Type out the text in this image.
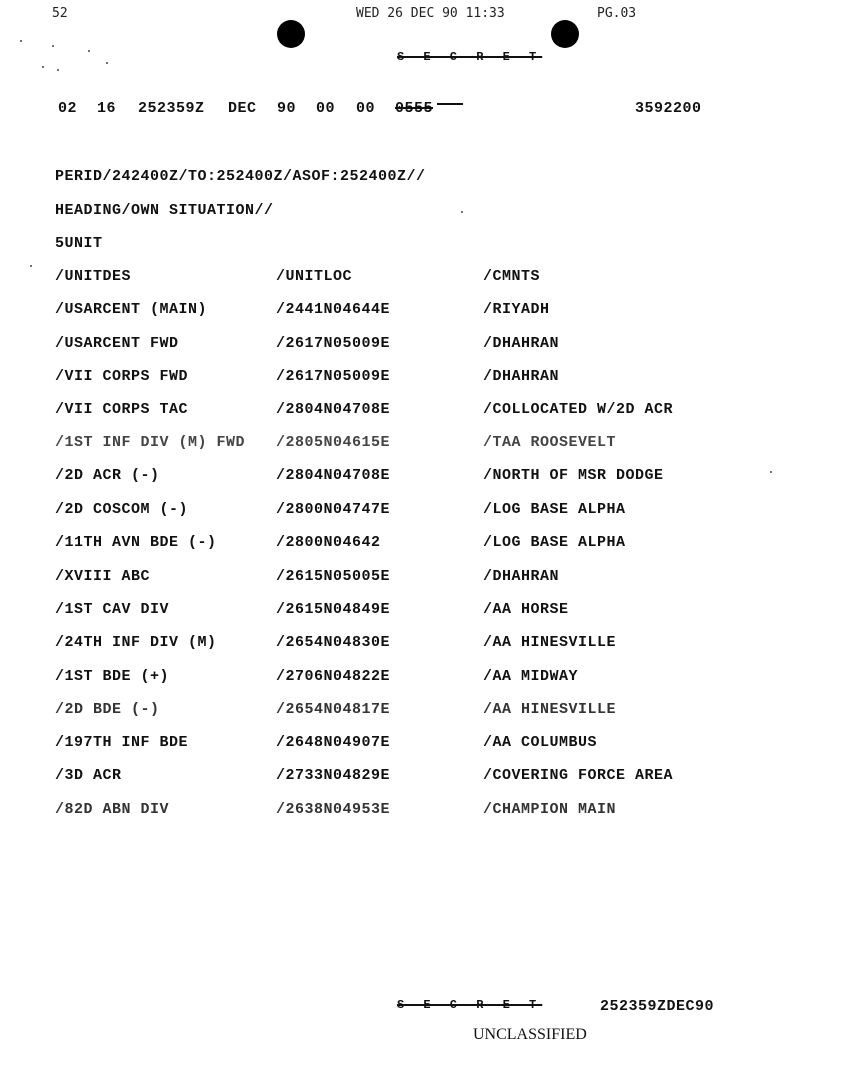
52	WED 26 DEC 90 11:33	PG.03
S E C R E T
02 16 252359Z DEC 90 00 00 0555	3592200
PERID/242400Z/TO:252400Z/ASOF:252400Z//
HEADING/OWN SITUATION//
5UNIT
/UNITDES	/UNITLOC	/CMNTS
/USARCENT (MAIN)	/2441N04644E	/RIYADH
/USARCENT FWD	/2617N05009E	/DHAHRAN
/VII CORPS FWD	/2617N05009E	/DHAHRAN
/VII CORPS TAC	/2804N04708E	/COLLOCATED W/2D ACR
/1ST INF DIV (M) FWD /2805N04615E	/TAA ROOSEVELT
/2D ACR (-)	/2804N04708E	/NORTH OF MSR DODGE
/2D COSCOM (-)	/2800N04747E	/LOG BASE ALPHA
/11TH AVN BDE (-)	/2800N04642	/LOG BASE ALPHA
/XVIII ABC	/2615N05005E	/DHAHRAN
/1ST CAV DIV	/2615N04849E	/AA HORSE
/24TH INF DIV (M)	/2654N04830E	/AA HINESVILLE
/1ST BDE (+)	/2706N04822E	/AA MIDWAY
/2D BDE (-)	/2654N04817E	/AA HINESVILLE
/197TH INF BDE	/2648N04907E	/AA COLUMBUS
/3D ACR	/2733N04829E	/COVERING FORCE AREA
/82D ABN DIV	/2638N04953E	/CHAMPION MAIN
S E C R E T	252359ZDEC90
UNCLASSIFIED
